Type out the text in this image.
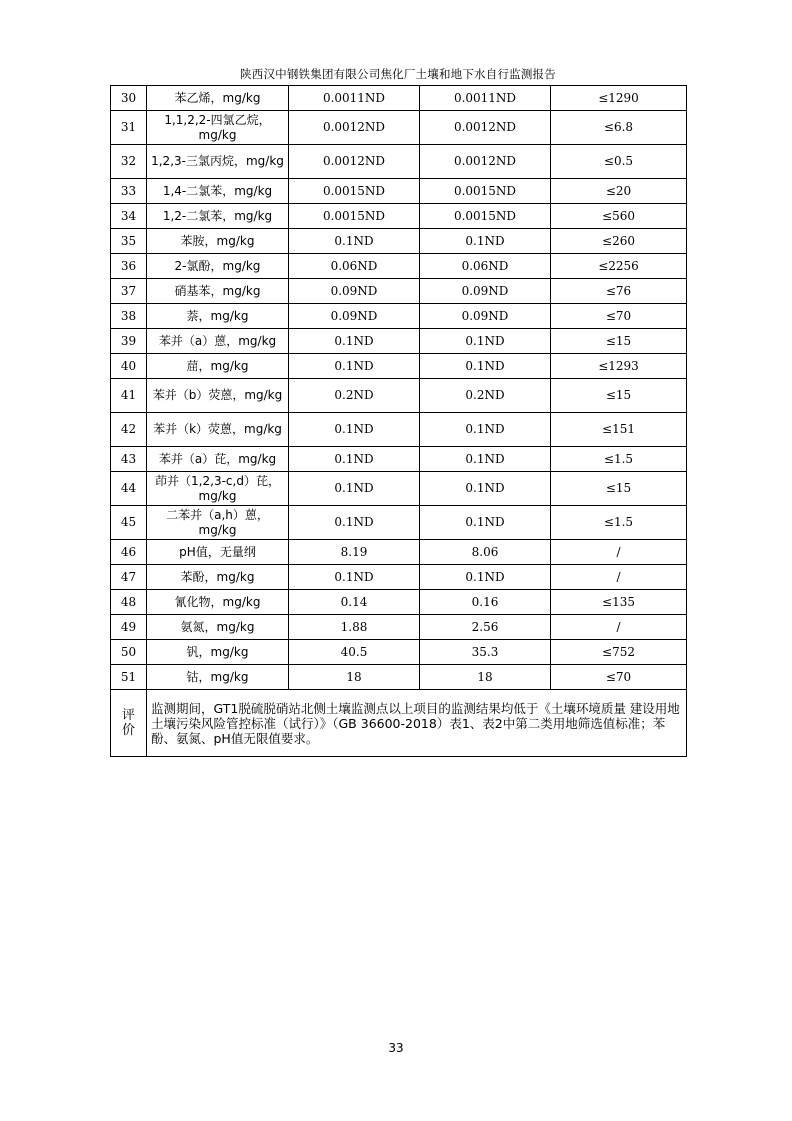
陕西汉中钢铁集团有限公司焦化厂土壤和地下水自行监测报告
30	苯乙烯，mg/kg	0.0011ND	0.0011ND	≤1290
31	1,1,2,2-四氯乙烷，mg/kg	0.0012ND	0.0012ND	≤6.8
32	1,2,3-三氯丙烷，mg/kg	0.0012ND	0.0012ND	≤0.5
33	1,4-二氯苯，mg/kg	0.0015ND	0.0015ND	≤20
34	1,2-二氯苯，mg/kg	0.0015ND	0.0015ND	≤560
35	苯胺，mg/kg	0.1ND	0.1ND	≤260
36	2-氯酚，mg/kg	0.06ND	0.06ND	≤2256
37	硝基苯，mg/kg	0.09ND	0.09ND	≤76
38	萘，mg/kg	0.09ND	0.09ND	≤70
39	苯并（a）蒽，mg/kg	0.1ND	0.1ND	≤15
40	䓛，mg/kg	0.1ND	0.1ND	≤1293
41	苯并（b）荧蒽，mg/kg	0.2ND	0.2ND	≤15
42	苯并（k）荧蒽，mg/kg	0.1ND	0.1ND	≤151
43	苯并（a）芘，mg/kg	0.1ND	0.1ND	≤1.5
44	茚并（1,2,3-c,d）芘，mg/kg	0.1ND	0.1ND	≤15
45	二苯并（a,h）蒽，mg/kg	0.1ND	0.1ND	≤1.5
46	pH值，无量纲	8.19	8.06	/
47	苯酚，mg/kg	0.1ND	0.1ND	/
48	氰化物，mg/kg	0.14	0.16	≤135
49	氨氮，mg/kg	1.88	2.56	/
50	钒，mg/kg	40.5	35.3	≤752
51	钴，mg/kg	18	18	≤70
评价	监测期间，GT1脱硫脱硝站北侧土壤监测点以上项目的监测结果均低于《土壤环境质量 建设用地土壤污染风险管控标准（试行）》（GB 36600-2018）表1、表2中第二类用地筛选值标准；苯酚、氨氮、pH值无限值要求。			
33
